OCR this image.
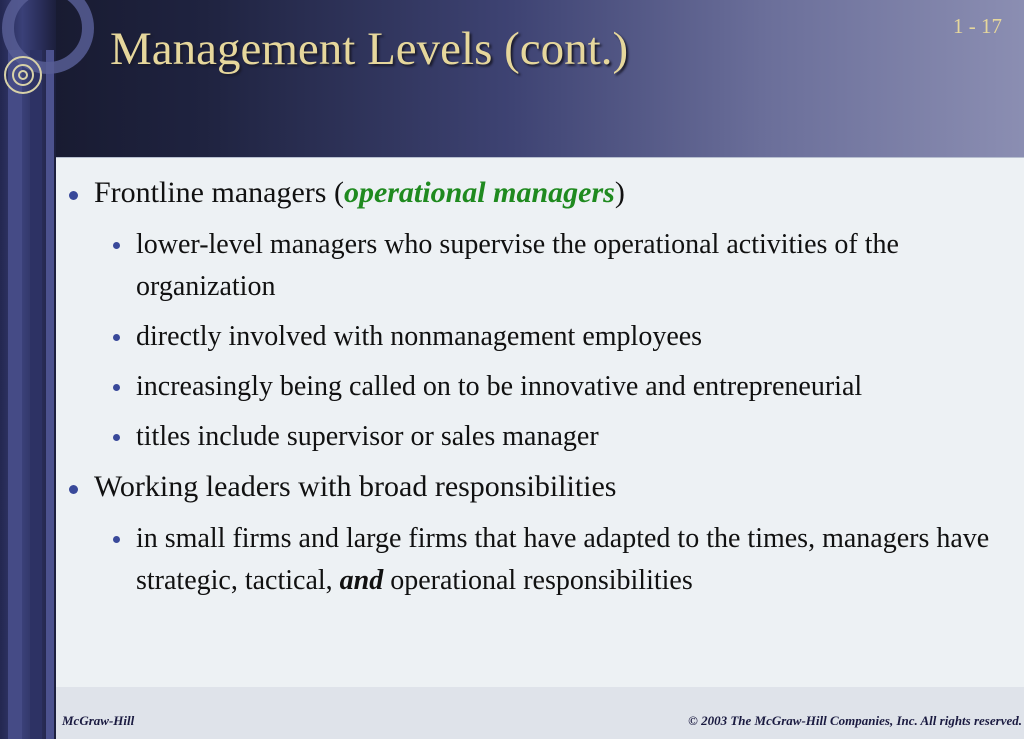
Management Levels (cont.)	1 - 17
Frontline managers (operational managers)
lower-level managers who supervise the operational activities of the organization
directly involved with nonmanagement employees
increasingly being called on to be innovative and entrepreneurial
titles include supervisor or sales manager
Working leaders with broad responsibilities
in small firms and large firms that have adapted to the times, managers have strategic, tactical, and operational responsibilities
McGraw-Hill	© 2003 The McGraw-Hill Companies, Inc. All rights reserved.
